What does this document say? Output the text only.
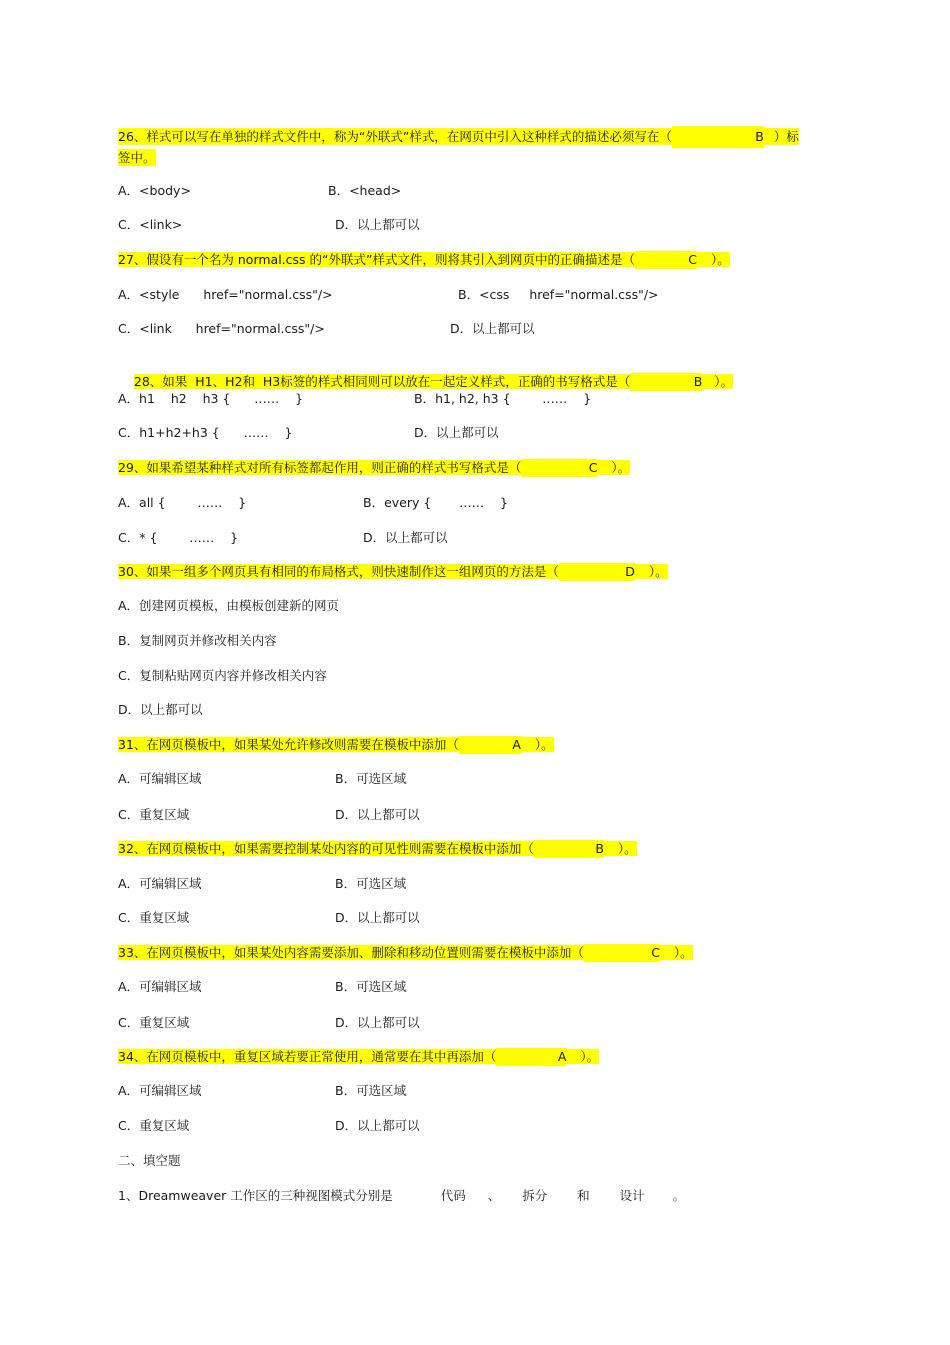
26、样式可以写在单独的样式文件中，称为“外联式”样式，在网页中引入这种样式的描述必须写在（	B ）标
签中。
A．<body>	B．<head>
C．<link>	D．以上都可以
27、假设有一个名为 normal.css 的“外联式”样式文件，则将其引入到网页中的正确描述是（	C ）。
A．<style      href="normal.css"/>	B．<css     href="normal.css"/>
C．<link      href="normal.css"/>	D．以上都可以

28、如果  H1、H2和  H3标签的样式相同则可以放在一起定义样式，正确的书写格式是（	B ）。

A．h1    h2    h3 {      ……    }	B．h1, h2, h3 {        ……    }
C．h1+h2+h3 {      ……    }	D．以上都可以
29、如果希望某种样式对所有标签都起作用，则正确的样式书写格式是（	C ）。
A．all {        ……    }	B．every {       ……    }
C．* {        ……    }	D．以上都可以
30、如果一组多个网页具有相同的布局格式，则快速制作这一组网页的方法是（	D ）。
A．创建网页模板，由模板创建新的网页
B．复制网页并修改相关内容
C．复制粘贴网页内容并修改相关内容
D．以上都可以
31、在网页模板中，如果某处允许修改则需要在模板中添加（	A ）。
A．可编辑区域	B．可选区域
C．重复区域	D．以上都可以
32、在网页模板中，如果需要控制某处内容的可见性则需要在模板中添加（	B ）。
A．可编辑区域	B．可选区域
C．重复区域	D．以上都可以
33、在网页模板中，如果某处内容需要添加、删除和移动位置则需要在模板中添加（	C ）。
A．可编辑区域	B．可选区域
C．重复区域	D．以上都可以
34、在网页模板中，重复区域若要正常使用，通常要在其中再添加（	A ）。
A．可编辑区域	B．可选区域
C．重复区域	D．以上都可以
二、填空题
1、Dreamweaver 工作区的三种视图模式分别是	代码 、 拆分 和 设计 。
